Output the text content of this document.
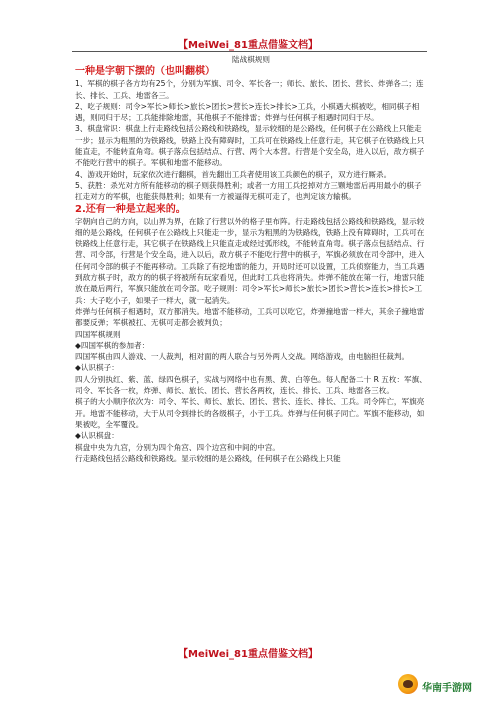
【MeiWei_81重点借鉴文档】

陆战棋规则

一种是字朝下摆的（也叫翻棋）

1、军棋的棋子各方均有25个，分别为军旗、司令、军长各一；师长、旅长、团长、营长、炸弹各二；连长、排长、工兵、地雷各三。

2、吃子规则：司令>军长>师长>旅长>团长>营长>连长>排长>工兵，小棋遇大棋被吃，相同棋子相遇，则同归于尽；工兵能排除地雷，其他棋子不能排雷；炸弹与任何棋子相遇时同归于尽。

3、棋盘常识：棋盘上行走路线包括公路线和铁路线，显示较细的是公路线，任何棋子在公路线上只能走一步；显示为粗黑的为铁路线，铁路上没有障碍时，工兵可在铁路线上任意行走，其它棋子在铁路线上只能直走，不能转直角弯。棋子落点包括结点、行营、两个大本营。行营是个安全岛，进入以后，敌方棋子不能吃行营中的棋子。军棋和地雷不能移动。

4、游戏开始时，玩家依次进行翻棋，首先翻出工兵者使用该工兵颜色的棋子，双方进行厮杀。

5、获胜：杀光对方所有能移动的棋子则获得胜利；或者一方用工兵挖掉对方三颗地雷后再用最小的棋子扛走对方的军棋，也能获得胜利；如果有一方被逼得无棋可走了，也判定该方输棋。

2.还有一种是立起来的。

字朝向自己的方向，以山界为界，在除了行营以外的格子里布阵。行走路线包括公路线和铁路线，显示较细的是公路线，任何棋子在公路线上只能走一步，显示为粗黑的为铁路线，铁路上没有障碍时，工兵可在铁路线上任意行走，其它棋子在铁路线上只能直走或经过弧形线，不能转直角弯。棋子落点包括结点、行营、司令部，行营是个安全岛，进入以后，敌方棋子不能吃行营中的棋子，军旗必须放在司令部中，进入任何司令部的棋子不能再移动。工兵除了有挖地雷的能力，开局时还可以设置，工兵侦察能力，当工兵遇到敌方棋子时，敌方的的棋子将被所有玩家看见，但此时工兵也将消失。炸弹不能放在第一行，地雷只能放在最后两行，军旗只能放在司令部。吃子规则：司令>军长>师长>旅长>团长>营长>连长>排长>工兵：大子吃小子，如果子一样大，就一起消失。

炸弹与任何棋子相遇时，双方都消失。地雷不能移动，工兵可以吃它，炸弹撞地雷一样大，其余子撞地雷都要反弹；军棋被扛、无棋可走都会被判负；

四国军棋规则

◆四国军棋的参加者：

四国军棋由四人游戏、一人裁判，相对面的两人联合与另外两人交战。网络游戏，由电脑担任裁判。

◆认识棋子：

四人分别执红、紫、蓝、绿四色棋子，实战与网络中也有黑、黄、白等色。每人配备二十 R 五枚：军旗、司令、军长各一枚，炸弹、师长、旅长、团长、营长各两枚，连长、排长、工兵、地雷各三枚。

棋子的大小顺序依次为：司令、军长、师长、旅长、团长、营长、连长、排长、工兵。司令阵亡，军旗亮开。地雷不能移动，大于从司令到排长的各级棋子，小于工兵。炸弹与任何棋子同亡。军旗不能移动，如果被吃，全军覆没。

◆认识棋盘：

棋盘中央为九宫，分别为四个角宫、四个边宫和中间的中宫。

行走路线包括公路线和铁路线。显示较细的是公路线，任何棋子在公路线上只能

【MeiWei_81重点借鉴文档】
华南手游网
